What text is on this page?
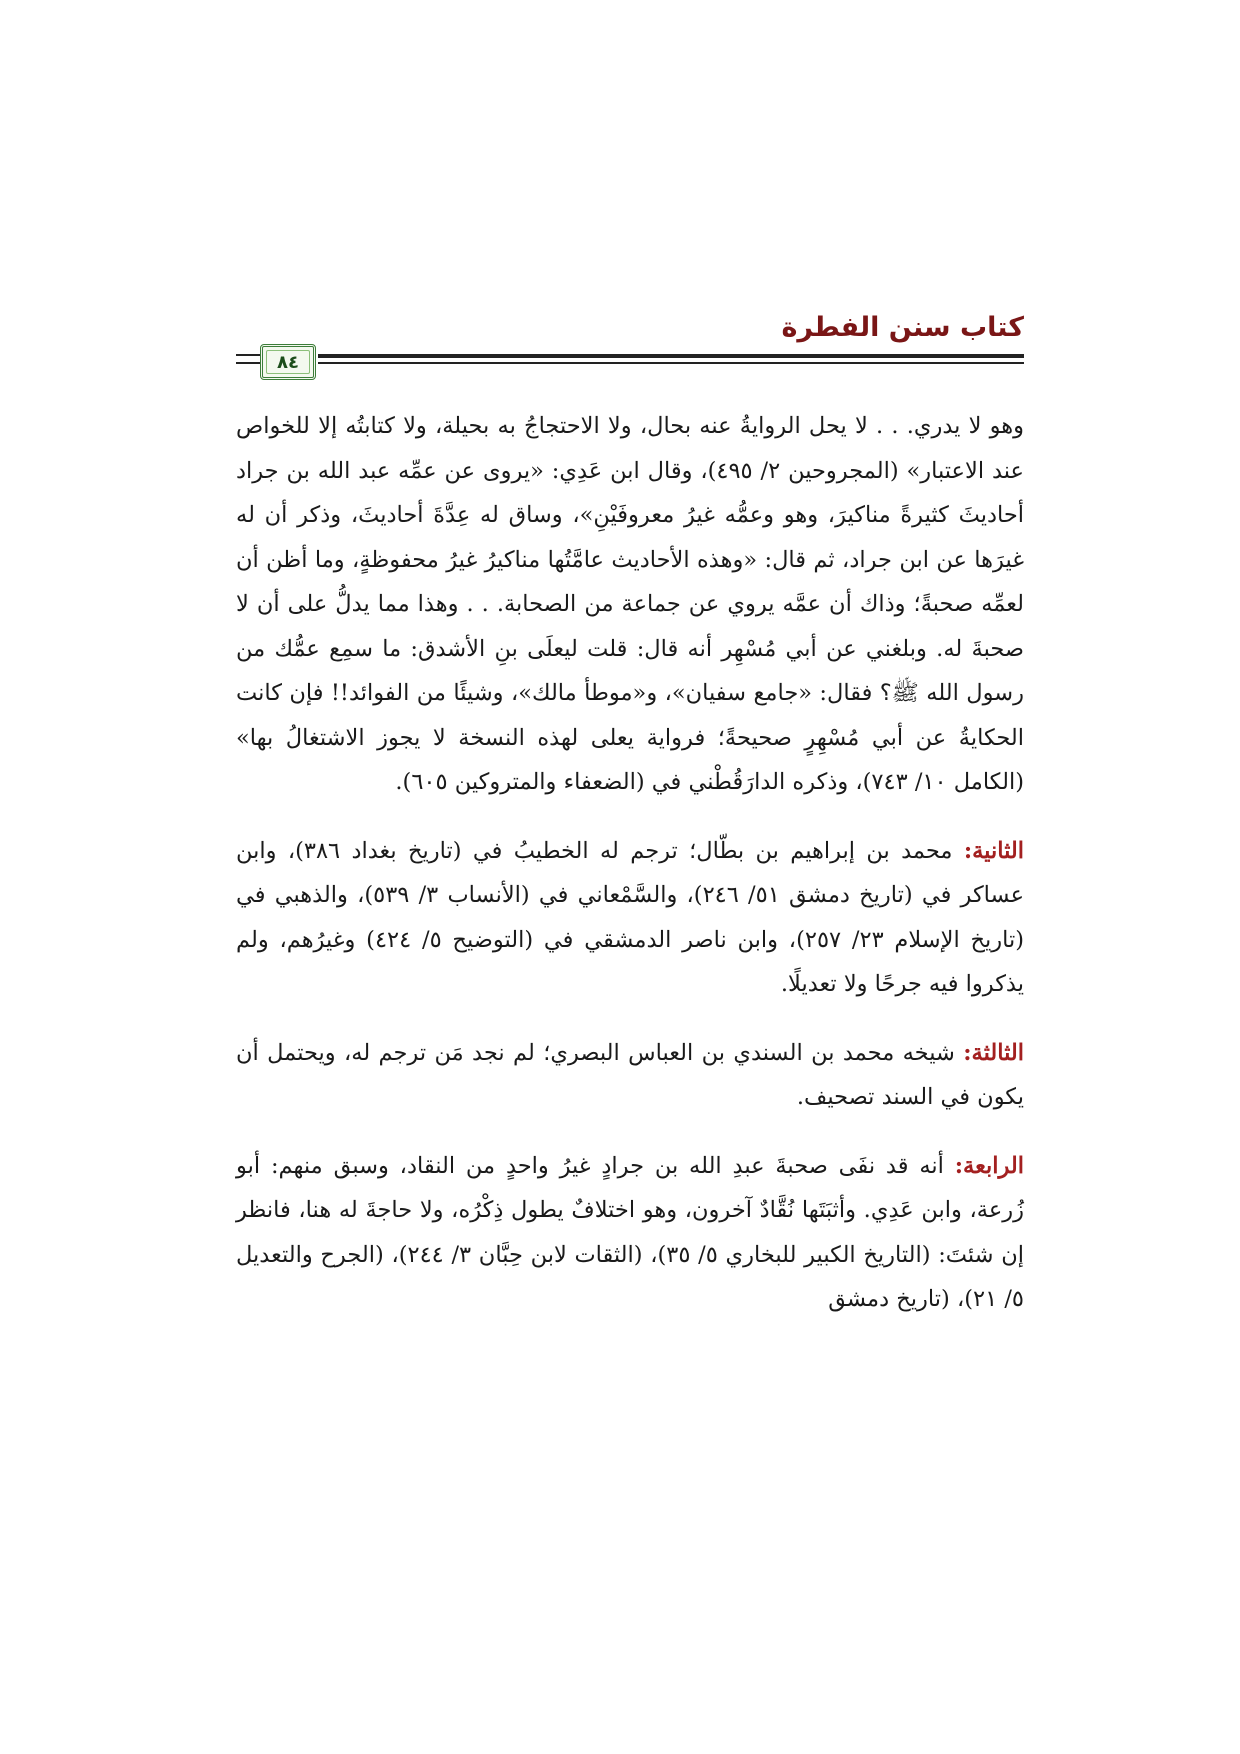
كتاب سنن الفطرة
٨٤

وهو لا يدري. . . لا يحل الروايةُ عنه بحال، ولا الاحتجاجُ به بحيلة، ولا كتابتُه إلا للخواص عند الاعتبار» (المجروحين ٢/ ٤٩٥)، وقال ابن عَدِي: «يروى عن عمِّه عبد الله بن جراد أحاديثَ كثيرةً مناكيرَ، وهو وعمُّه غيرُ معروفَيْنِ»، وساق له عِدَّةَ أحاديثَ، وذكر أن له غيرَها عن ابن جراد، ثم قال: «وهذه الأحاديث عامَّتُها مناكيرُ غيرُ محفوظةٍ، وما أظن أن لعمِّه صحبةً؛ وذاك أن عمَّه يروي عن جماعة من الصحابة. . . وهذا مما يدلُّ على أن لا صحبةَ له. وبلغني عن أبي مُسْهِر أنه قال: قلت ليعلَى بنِ الأشدق: ما سمِع عمُّك من رسول الله ﷺ؟ فقال: «جامع سفيان»، و«موطأ مالك»، وشيئًا من الفوائد!! فإن كانت الحكايةُ عن أبي مُسْهِرٍ صحيحةً؛ فرواية يعلى لهذه النسخة لا يجوز الاشتغالُ بها» (الكامل ١٠/ ٧٤٣)، وذكره الدارَقُطْني في (الضعفاء والمتروكين ٦٠٥).

الثانية: محمد بن إبراهيم بن بطّال؛ ترجم له الخطيبُ في (تاريخ بغداد ٣٨٦)، وابن عساكر في (تاريخ دمشق ٥١/ ٢٤٦)، والسَّمْعاني في (الأنساب ٣/ ٥٣٩)، والذهبي في (تاريخ الإسلام ٢٣/ ٢٥٧)، وابن ناصر الدمشقي في (التوضيح ٥/ ٤٢٤) وغيرُهم، ولم يذكروا فيه جرحًا ولا تعديلًا.

الثالثة: شيخه محمد بن السندي بن العباس البصري؛ لم نجد مَن ترجم له، ويحتمل أن يكون في السند تصحيف.

الرابعة: أنه قد نفَى صحبةَ عبدِ الله بن جرادٍ غيرُ واحدٍ من النقاد، وسبق منهم: أبو زُرعة، وابن عَدِي. وأثبَتَها نُقَّادٌ آخرون، وهو اختلافٌ يطول ذِكْرُه، ولا حاجةَ له هنا، فانظر إن شئتَ: (التاريخ الكبير للبخاري ٥/ ٣٥)، (الثقات لابن حِبَّان ٣/ ٢٤٤)، (الجرح والتعديل ٥/ ٢١)، (تاريخ دمشق
